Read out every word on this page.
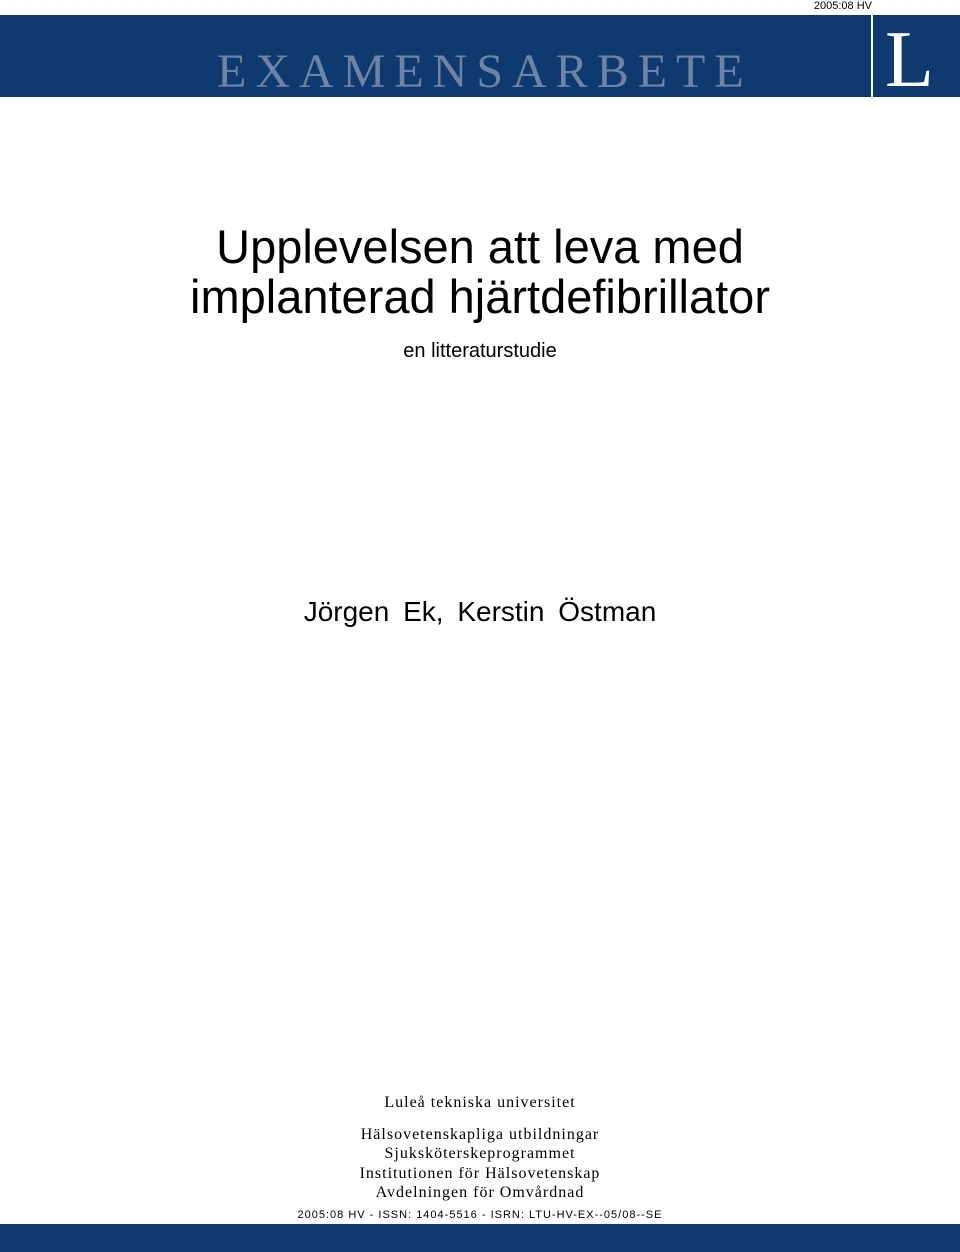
2005:08 HV
EXAMENSARBETE L
Upplevelsen att leva med
implanterad hjärtdefibrillator
en litteraturstudie
Jörgen Ek, Kerstin Östman
Luleå tekniska universitet
Hälsovetenskapliga utbildningar
Sjuksköterskeprogrammet
Institutionen för Hälsovetenskap
Avdelningen för Omvårdnad
2005:08 HV - ISSN: 1404-5516 - ISRN: LTU-HV-EX--05/08--SE
